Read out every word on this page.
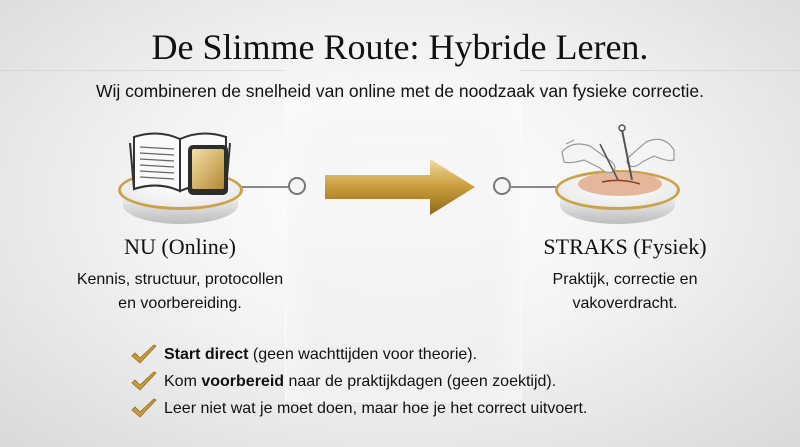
De Slimme Route: Hybride Leren.
Wij combineren de snelheid van online met de noodzaak van fysieke correctie.
NU (Online)
Kennis, structuur, protocollen
en voorbereiding.
STRAKS (Fysiek)
Praktijk, correctie en
vakoverdracht.
Start direct (geen wachttijden voor theorie).
Kom voorbereid naar de praktijkdagen (geen zoektijd).
Leer niet wat je moet doen, maar hoe je het correct uitvoert.
